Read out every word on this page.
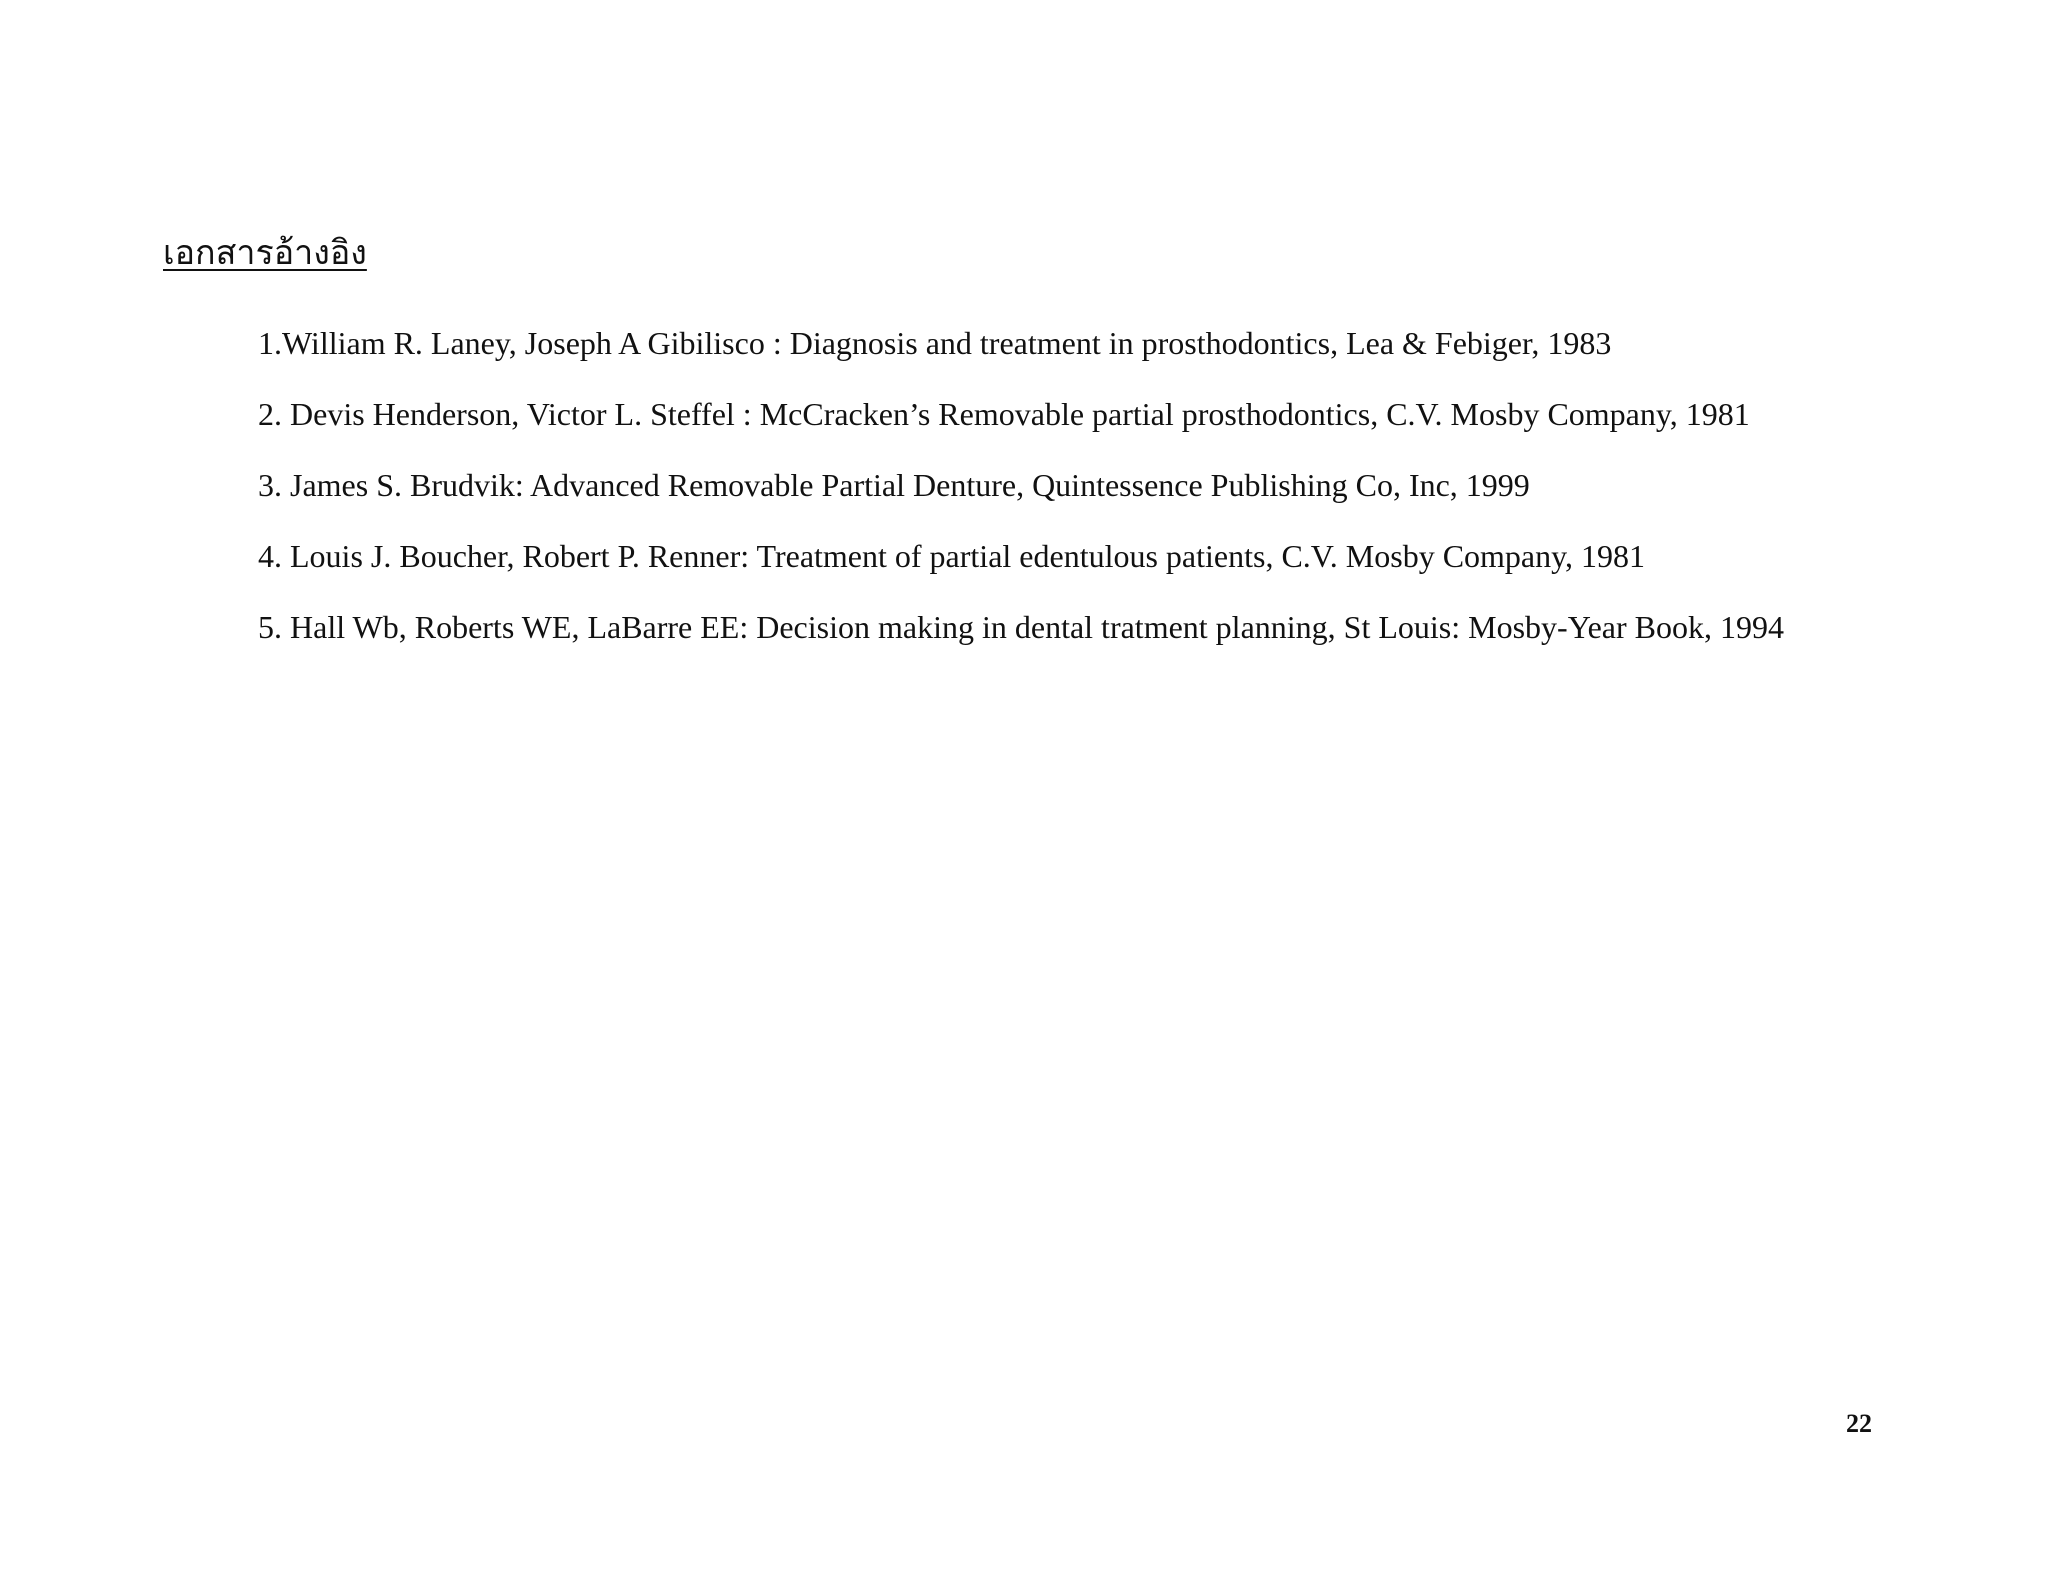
เอกสารอ้างอิง
1.William R. Laney, Joseph A Gibilisco : Diagnosis and treatment in prosthodontics, Lea & Febiger, 1983
2. Devis Henderson, Victor L. Steffel : McCracken’s Removable partial prosthodontics, C.V. Mosby Company, 1981
3. James S. Brudvik: Advanced Removable Partial Denture, Quintessence Publishing Co, Inc, 1999
4. Louis J. Boucher, Robert P. Renner: Treatment of partial edentulous patients, C.V. Mosby Company, 1981
5. Hall Wb, Roberts WE, LaBarre EE: Decision making in dental tratment planning, St Louis: Mosby-Year Book, 1994
22
